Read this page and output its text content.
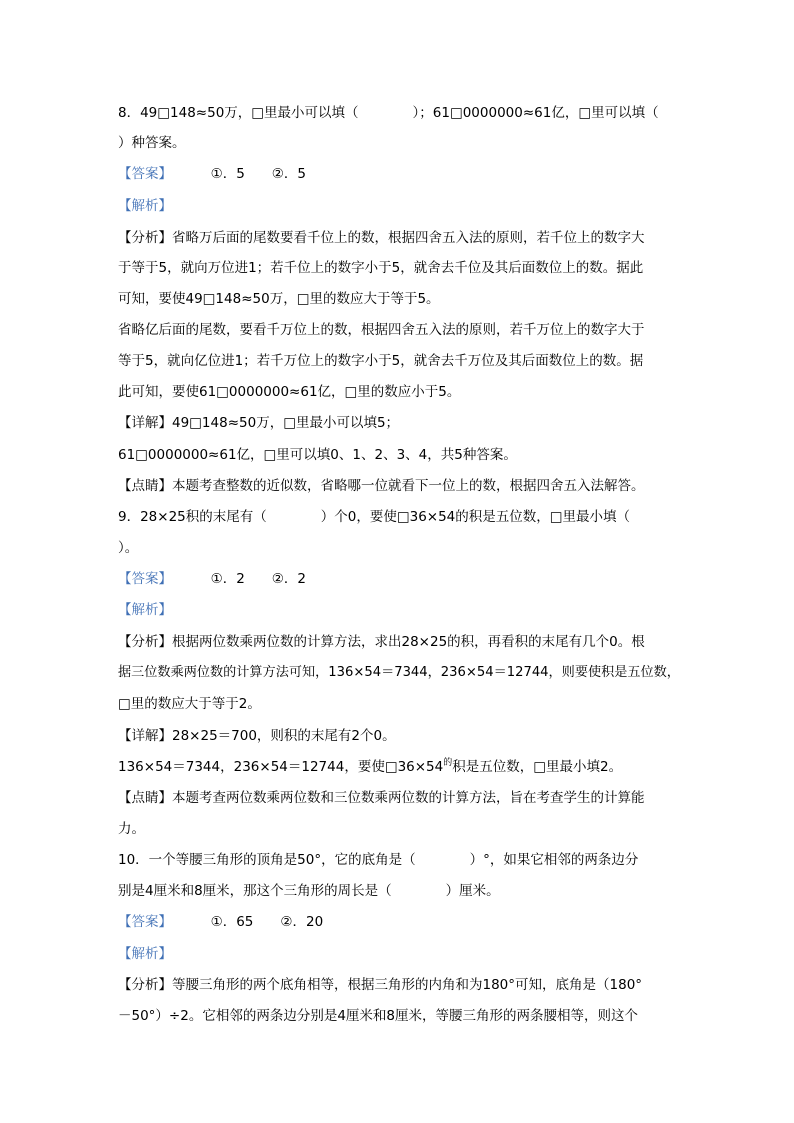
8．49□148≈50万，□里最小可以填（　　　　）；61□0000000≈61亿，□里可以填（
）种答案。
【答案】	①．5　　②．5
【解析】
【分析】省略万后面的尾数要看千位上的数，根据四舍五入法的原则，若千位上的数字大
于等于5，就向万位进1；若千位上的数字小于5，就舍去千位及其后面数位上的数。据此
可知，要使49□148≈50万，□里的数应大于等于5。
省略亿后面的尾数，要看千万位上的数，根据四舍五入法的原则，若千万位上的数字大于
等于5，就向亿位进1；若千万位上的数字小于5，就舍去千万位及其后面数位上的数。据
此可知，要使61□0000000≈61亿，□里的数应小于5。
【详解】49□148≈50万，□里最小可以填5；
61□0000000≈61亿，□里可以填0、1、2、3、4，共5种答案。
【点睛】本题考查整数的近似数，省略哪一位就看下一位上的数，根据四舍五入法解答。
9．28×25积的末尾有（　　　　）个0，要使□36×54的积是五位数，□里最小填（
）。
【答案】	①．2　　②．2
【解析】
【分析】根据两位数乘两位数的计算方法，求出28×25的积，再看积的末尾有几个0。根
据三位数乘两位数的计算方法可知，136×54＝7344，236×54＝12744，则要使积是五位数，
□里的数应大于等于2。
【详解】28×25＝700，则积的末尾有2个0。
136×54＝7344，236×54＝12744，要使$□36\times 54^的$积是五位数，□里最小填2。
【点睛】本题考查两位数乘两位数和三位数乘两位数的计算方法，旨在考查学生的计算能
力。
10．一个等腰三角形的顶角是50°，它的底角是（　　　　）°，如果它相邻的两条边分
别是4厘米和8厘米，那这个三角形的周长是（　　　　）厘米。
【答案】	①．65　　②．20
【解析】
【分析】等腰三角形的两个底角相等，根据三角形的内角和为180°可知，底角是（180°
－50°）÷2。它相邻的两条边分别是4厘米和8厘米，等腰三角形的两条腰相等，则这个
